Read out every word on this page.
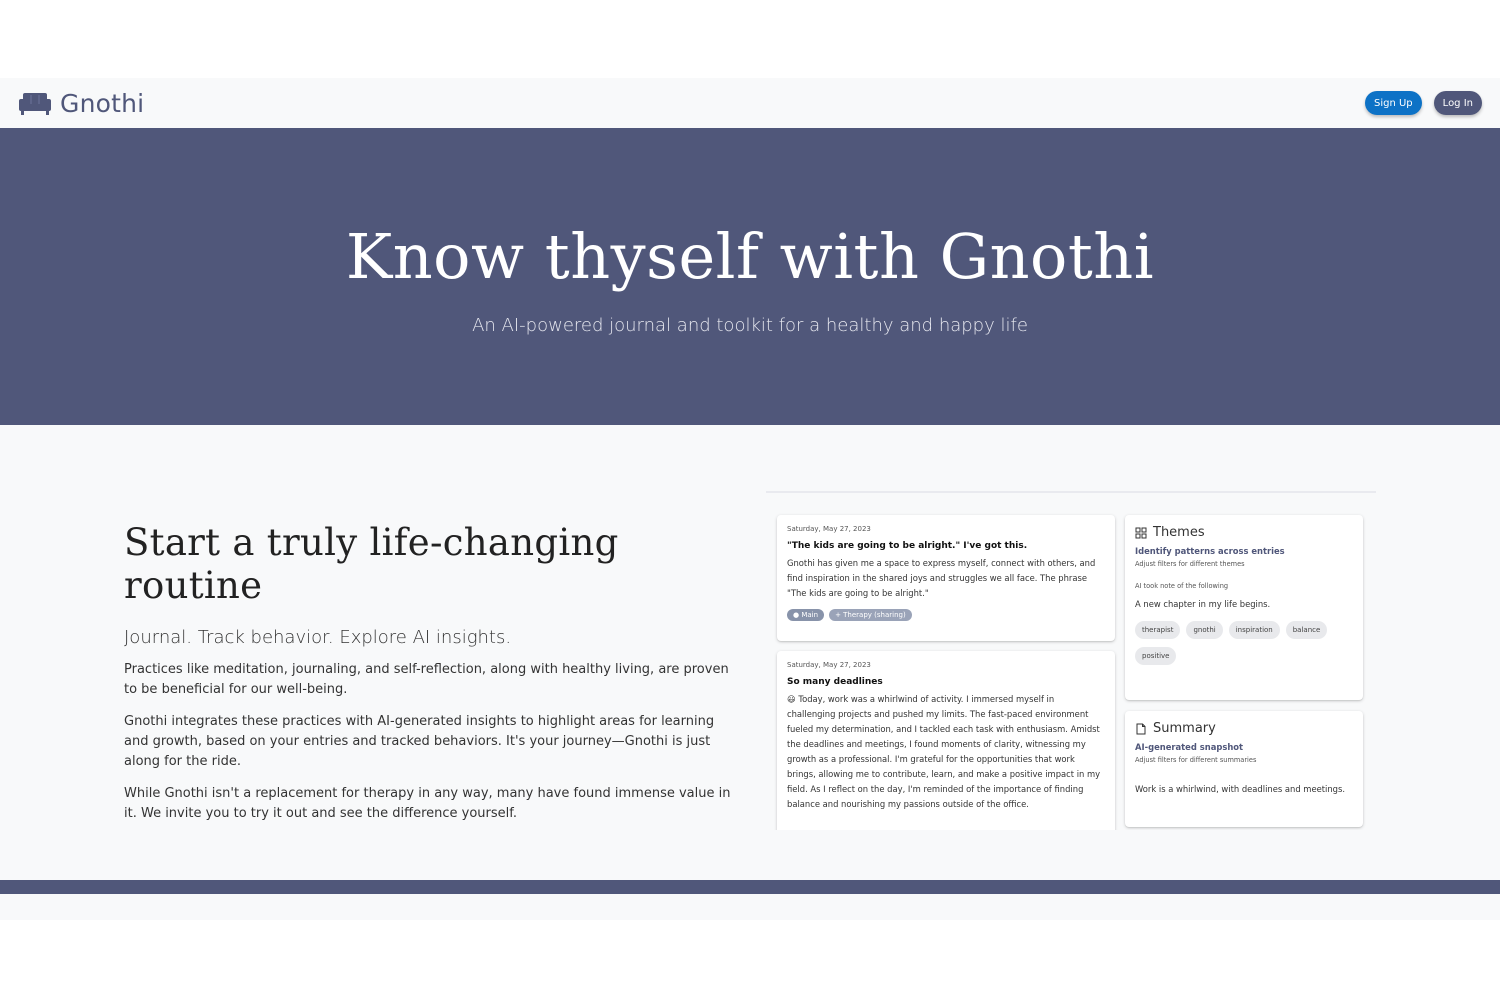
Gnothi	Sign Up	Log In
Know thyself with Gnothi

An AI-powered journal and toolkit for a healthy and happy life

Start a truly life-changing routine
Journal. Track behavior. Explore AI insights.

Practices like meditation, journaling, and self-reflection, along with healthy living, are proven to be beneficial for our well-being.

Gnothi integrates these practices with AI-generated insights to highlight areas for learning and growth, based on your entries and tracked behaviors. It's your journey—Gnothi is just along for the ride.

While Gnothi isn't a replacement for therapy in any way, many have found immense value in it. We invite you to try it out and see the difference yourself.

Saturday, May 27, 2023
"The kids are going to be alright." I've got this.
Gnothi has given me a space to express myself, connect with others, and find inspiration in the shared joys and struggles we all face. The phrase "The kids are going to be alright."
● Main	+ Therapy (sharing)
Saturday, May 27, 2023
So many deadlines
😃 Today, work was a whirlwind of activity. I immersed myself in challenging projects and pushed my limits. The fast-paced environment fueled my determination, and I tackled each task with enthusiasm. Amidst the deadlines and meetings, I found moments of clarity, witnessing my growth as a professional. I'm grateful for the opportunities that work brings, allowing me to contribute, learn, and make a positive impact in my field. As I reflect on the day, I'm reminded of the importance of finding balance and nourishing my passions outside of the office.
Themes
Identify patterns across entries
Adjust filters for different themes
AI took note of the following
A new chapter in my life begins.
therapist	gnothi	inspiration	balance
positive
Summary
AI-generated snapshot
Adjust filters for different summaries
Work is a whirlwind, with deadlines and meetings.
